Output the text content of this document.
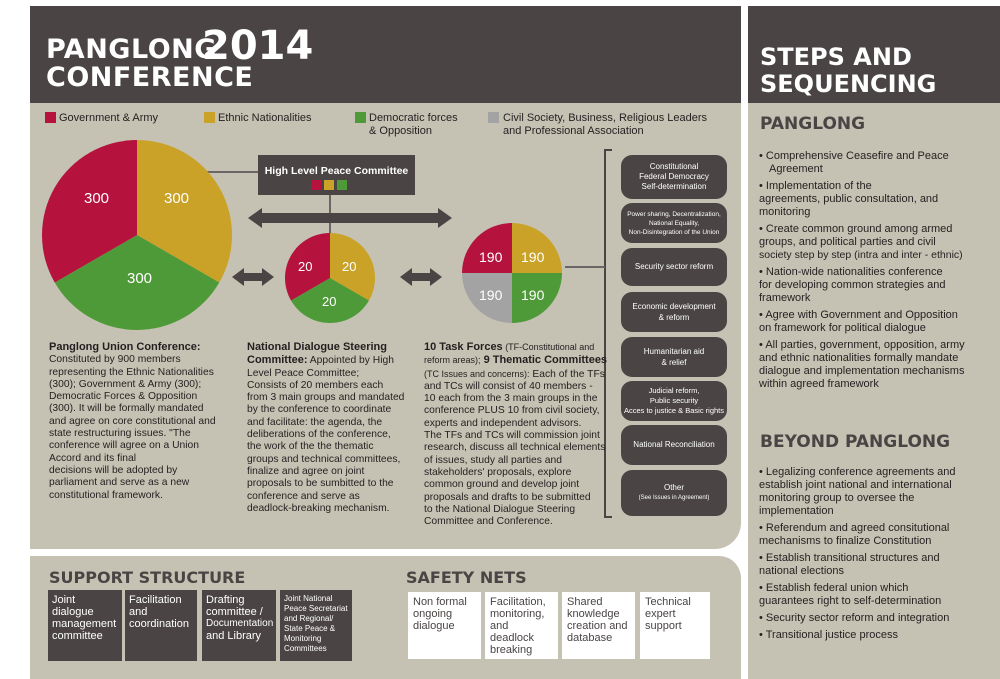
PANGLONG
CONFERENCE
2014	STEPS AND
SEQUENCING
Government & Army	Ethnic Nationalities	Democratic forces
& Opposition
Civil Society, Business, Religious Leaders
and Professional Association
High Level Peace Committee
300	300
300
20 20
20
190 190
190
190
Panglong Union Conference:
Constituted by 900 members
representing the Ethnic Nationalities
(300); Government & Army (300);
Democratic Forces & Opposition
(300). It will be formally mandated
and agree on core constitutional and
state restructuring issues. "The
conference will agree on a Union
Accord and its final
decisions will be adopted by
parliament and serve as a new
constitutional framework.
National Dialogue Steering
Committee: Appointed by High
Level Peace Committee;
Consists of 20 members each
from 3 main groups and mandated
by the conference to coordinate
and facilitate: the agenda, the
deliberations of the conference,
the work of the the thematic
groups and technical committees,
finalize and agree on joint
proposals to be sumbitted to the
conference and serve as
deadlock-breaking mechanism.
10 Task Forces (TF-Constitutional and
reform areas); 9 Thematic Committees
(TC Issues and concerns): Each of the TFs
and TCs will consist of 40 members -
10 each from the 3 main groups in the
conference PLUS 10 from civil society,
experts and independent advisors.
The TFs and TCs will commission joint
research, discuss all technical elements
of issues, study all parties and
stakeholders' proposals, explore
common ground and develop joint
proposals and drafts to be submitted
to the National Dialogue Steering
Committee and Conference.
Constitutional
Federal Democracy
Self-determination
Power sharing, Decentralization,
National Equality,
Non-Disintegration of the Union
Security sector reform
Economic development
& reform
Humanitarian aid
& relief
Judicial reform,
Public security
Acces to justice & Basic rights
National Reconciliation
Other
(See Issues in Agreement)
SUPPORT STRUCTURE
Joint
dialogue
management
committee
Facilitation
and
coordination
Drafting
committee /
Documentation
and Library
Joint National
Peace Secretariat
and Regional/
State Peace &
Monitoring
Committees
SAFETY NETS
Non formal
ongoing
dialogue
Facilitation,
monitoring,
and deadlock
breaking
Shared
knowledge
creation and
database
Technical
expert
support
PANGLONG
• Comprehensive Ceasefire and Peace
Agreement
• Implementation of the
agreements, public consultation, and
monitoring
• Create common ground among armed
groups, and political parties and civil
society step by step (intra and inter - ethnic)
• Nation-wide nationalities conference
for developing common strategies and
framework
• Agree with Government and Opposition
on framework for political dialogue
• All parties, government, opposition, army
and ethnic nationalities formally mandate
dialogue and implementation mechanisms
within agreed framework
BEYOND PANGLONG
• Legalizing conference agreements and
establish joint national and international
monitoring group to oversee the
implementation
• Referendum and agreed consitutional
mechanisms to finalize Constitution
• Establish transitional structures and
national elections
• Establish federal union which
guarantees right to self-determination
• Security sector reform and integration
• Transitional justice process
